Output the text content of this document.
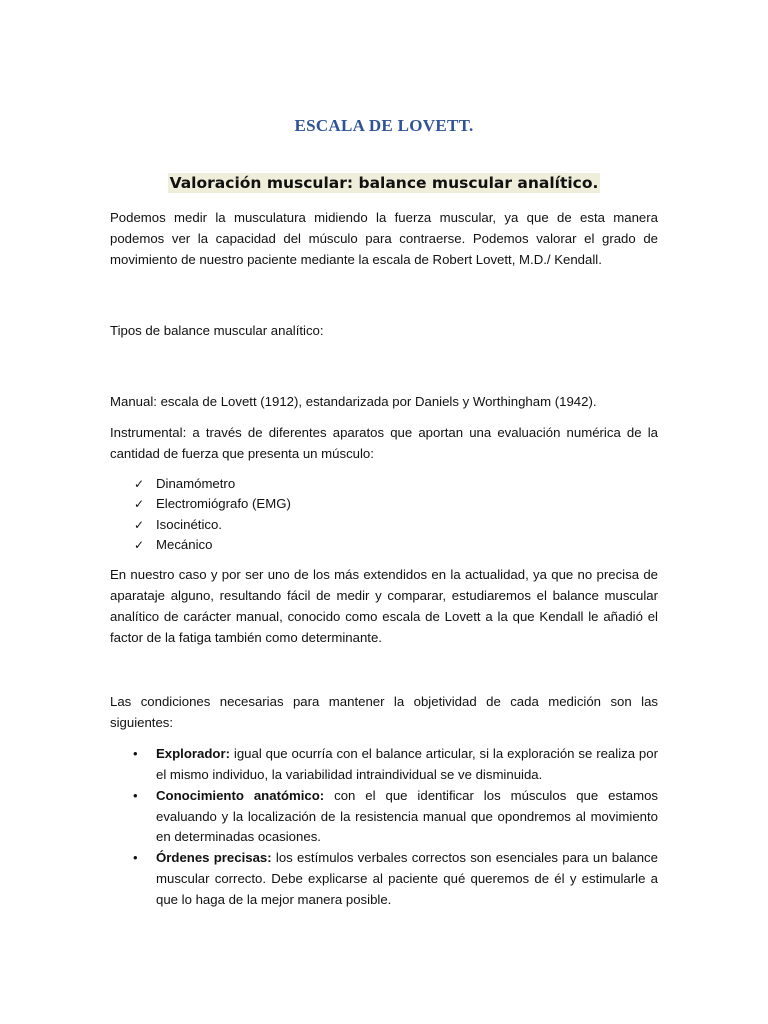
ESCALA DE LOVETT.
Valoración muscular: balance muscular analítico.

Podemos medir la musculatura midiendo la fuerza muscular, ya que de esta manera podemos ver la capacidad del músculo para contraerse. Podemos valorar el grado de movimiento de nuestro paciente mediante la escala de Robert Lovett, M.D./ Kendall.

Tipos de balance muscular analítico:

Manual: escala de Lovett (1912), estandarizada por Daniels y Worthingham (1942).

Instrumental: a través de diferentes aparatos que aportan una evaluación numérica de la cantidad de fuerza que presenta un músculo:

✓ Dinamómetro
✓ Electromiógrafo (EMG)
✓ Isocinético.
✓ Mecánico

En nuestro caso y por ser uno de los más extendidos en la actualidad, ya que no precisa de aparataje alguno, resultando fácil de medir y comparar, estudiaremos el balance muscular analítico de carácter manual, conocido como escala de Lovett a la que Kendall le añadió el factor de la fatiga también como determinante.

Las condiciones necesarias para mantener la objetividad de cada medición son las siguientes:

• Explorador: igual que ocurría con el balance articular, si la exploración se realiza por el mismo individuo, la variabilidad intraindividual se ve disminuida.
• Conocimiento anatómico: con el que identificar los músculos que estamos evaluando y la localización de la resistencia manual que opondremos al movimiento en determinadas ocasiones.
• Órdenes precisas: los estímulos verbales correctos son esenciales para un balance muscular correcto. Debe explicarse al paciente qué queremos de él y estimularle a que lo haga de la mejor manera posible.
